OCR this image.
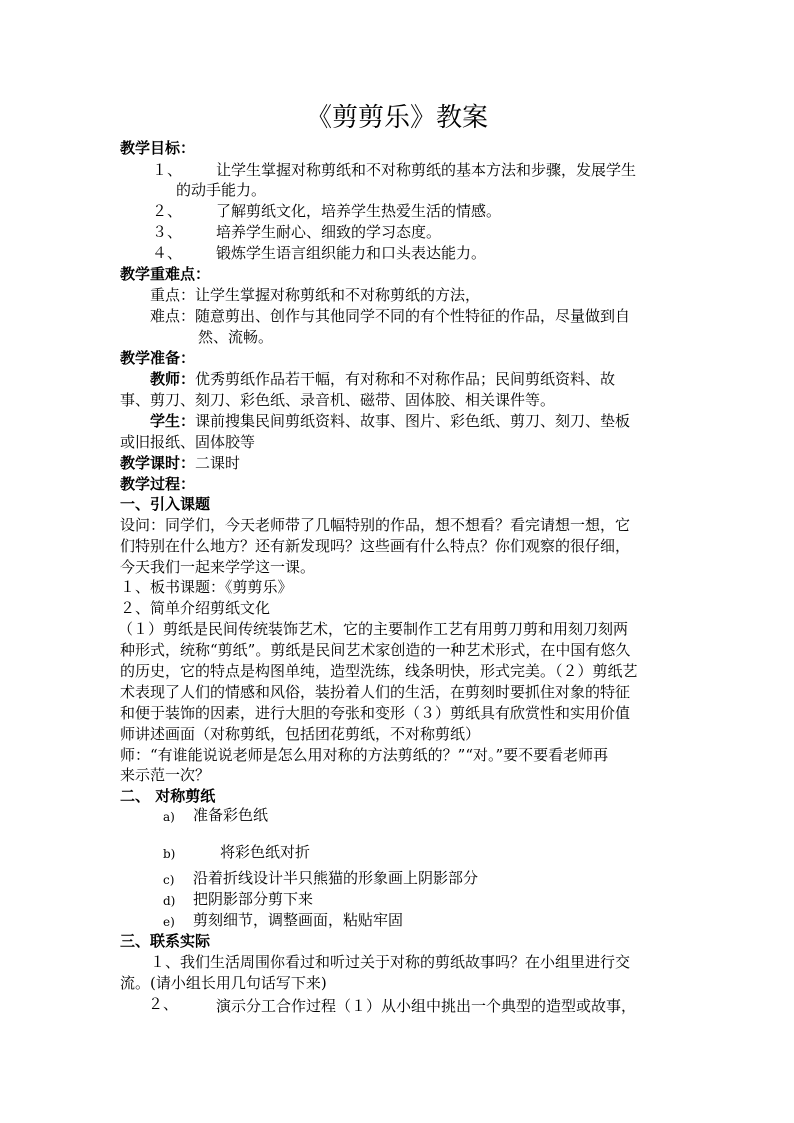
《剪剪乐》教案
教学目标：
１、 让学生掌握对称剪纸和不对称剪纸的基本方法和步骤，发展学生
的动手能力。
２、 了解剪纸文化，培养学生热爱生活的情感。
３、 培养学生耐心、细致的学习态度。
４、 锻炼学生语言组织能力和口头表达能力。
教学重难点：
重点：让学生掌握对称剪纸和不对称剪纸的方法，
难点：随意剪出、创作与其他同学不同的有个性特征的作品，尽量做到自
然、流畅。
教学准备：
教师：优秀剪纸作品若干幅，有对称和不对称作品；民间剪纸资料、故
事、剪刀、刻刀、彩色纸、录音机、磁带、固体胶、相关课件等。
学生：课前搜集民间剪纸资料、故事、图片、彩色纸、剪刀、刻刀、垫板
或旧报纸、固体胶等
教学课时：二课时
教学过程：
一、引入课题
设问：同学们，今天老师带了几幅特别的作品，想不想看？看完请想一想，它
们特别在什么地方？还有新发现吗？这些画有什么特点？你们观察的很仔细，
今天我们一起来学学这一课。
１、板书课题：《剪剪乐》
２、简单介绍剪纸文化
（１）剪纸是民间传统装饰艺术，它的主要制作工艺有用剪刀剪和用刻刀刻两
种形式，统称“剪纸”。剪纸是民间艺术家创造的一种艺术形式，在中国有悠久
的历史，它的特点是构图单纯，造型洗练，线条明快，形式完美。（２）剪纸艺
术表现了人们的情感和风俗，装扮着人们的生活，在剪刻时要抓住对象的特征
和便于装饰的因素，进行大胆的夸张和变形（３）剪纸具有欣赏性和实用价值
师讲述画面（对称剪纸，包括团花剪纸，不对称剪纸）
师：“有谁能说说老师是怎么用对称的方法剪纸的？”“对。”要不要看老师再
来示范一次？
二、 对称剪纸
a) 准备彩色纸
b)	将彩色纸对折
c) 沿着折线设计半只熊猫的形象画上阴影部分
d) 把阴影部分剪下来
e) 剪刻细节，调整画面，粘贴牢固
三、联系实际
１、我们生活周围你看过和听过关于对称的剪纸故事吗？在小组里进行交
流。(请小组长用几句话写下来)
２、	演示分工合作过程（１）从小组中挑出一个典型的造型或故事，
